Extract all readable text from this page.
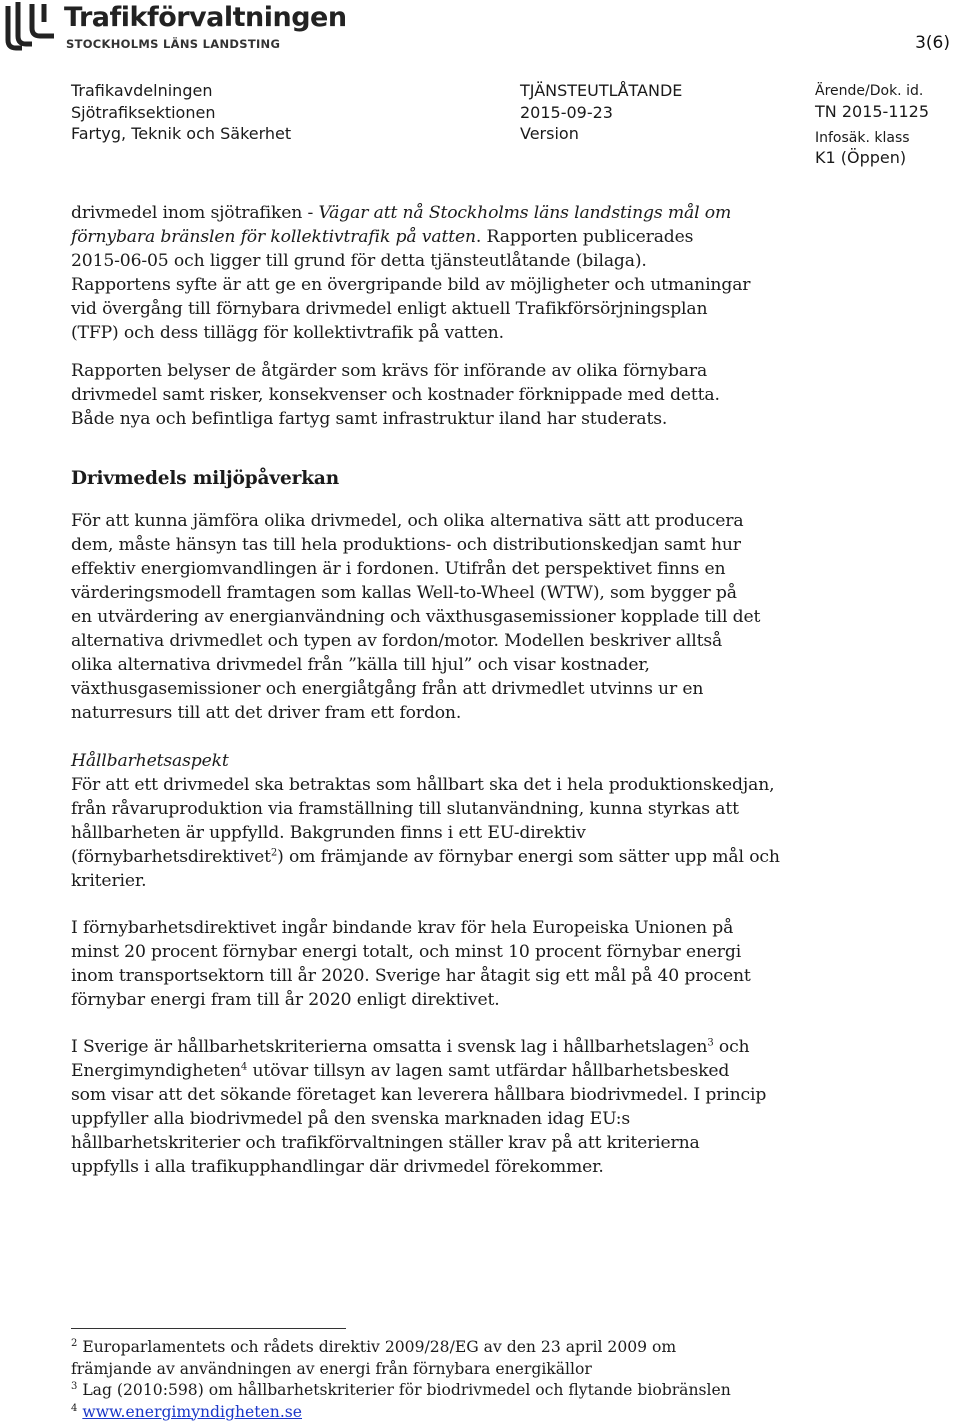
Trafikförvaltningen
STOCKHOLMS LÄNS LANDSTING	3(6)
Trafikavdelningen
Sjötrafiksektionen
Fartyg, Teknik och Säkerhet
TJÄNSTEUTLÅTANDE
2015-09-23
Version
Ärende/Dok. id.
TN 2015-1125
Infosäk. klass
K1 (Öppen)

drivmedel inom sjötrafiken - Vägar att nå Stockholms läns landstings mål om
förnybara bränslen för kollektivtrafik på vatten. Rapporten publicerades
2015-06-05 och ligger till grund för detta tjänsteutlåtande (bilaga).
Rapportens syfte är att ge en övergripande bild av möjligheter och utmaningar
vid övergång till förnybara drivmedel enligt aktuell Trafikförsörjningsplan
(TFP) och dess tillägg för kollektivtrafik på vatten.

Rapporten belyser de åtgärder som krävs för införande av olika förnybara
drivmedel samt risker, konsekvenser och kostnader förknippade med detta.
Både nya och befintliga fartyg samt infrastruktur iland har studerats.

Drivmedels miljöpåverkan

För att kunna jämföra olika drivmedel, och olika alternativa sätt att producera
dem, måste hänsyn tas till hela produktions- och distributionskedjan samt hur
effektiv energiomvandlingen är i fordonen. Utifrån det perspektivet finns en
värderingsmodell framtagen som kallas Well-to-Wheel (WTW), som bygger på
en utvärdering av energianvändning och växthusgasemissioner kopplade till det
alternativa drivmedlet och typen av fordon/motor. Modellen beskriver alltså
olika alternativa drivmedel från ”källa till hjul” och visar kostnader,
växthusgasemissioner och energiåtgång från att drivmedlet utvinns ur en
naturresurs till att det driver fram ett fordon.

Hållbarhetsaspekt
För att ett drivmedel ska betraktas som hållbart ska det i hela produktionskedjan,
från råvaruproduktion via framställning till slutanvändning, kunna styrkas att
hållbarheten är uppfylld. Bakgrunden finns i ett EU-direktiv
(förnybarhetsdirektivet$^2$) om främjande av förnybar energi som sätter upp mål och
kriterier.

I förnybarhetsdirektivet ingår bindande krav för hela Europeiska Unionen på
minst 20 procent förnybar energi totalt, och minst 10 procent förnybar energi
inom transportsektorn till år 2020. Sverige har åtagit sig ett mål på 40 procent
förnybar energi fram till år 2020 enligt direktivet.

I Sverige är hållbarhetskriterierna omsatta i svensk lag i hållbarhetslagen$^3$ och
Energimyndigheten$^4$ utövar tillsyn av lagen samt utfärdar hållbarhetsbesked
som visar att det sökande företaget kan leverera hållbara biodrivmedel. I princip
uppfyller alla biodrivmedel på den svenska marknaden idag EU:s
hållbarhetskriterier och trafikförvaltningen ställer krav på att kriterierna
uppfylls i alla trafikupphandlingar där drivmedel förekommer.

$^2$ Europarlamentets och rådets direktiv 2009/28/EG av den 23 april 2009 om
främjande av användningen av energi från förnybara energikällor
$^3$ Lag (2010:598) om hållbarhetskriterier för biodrivmedel och flytande biobränslen
$^4$ www.energimyndigheten.se
